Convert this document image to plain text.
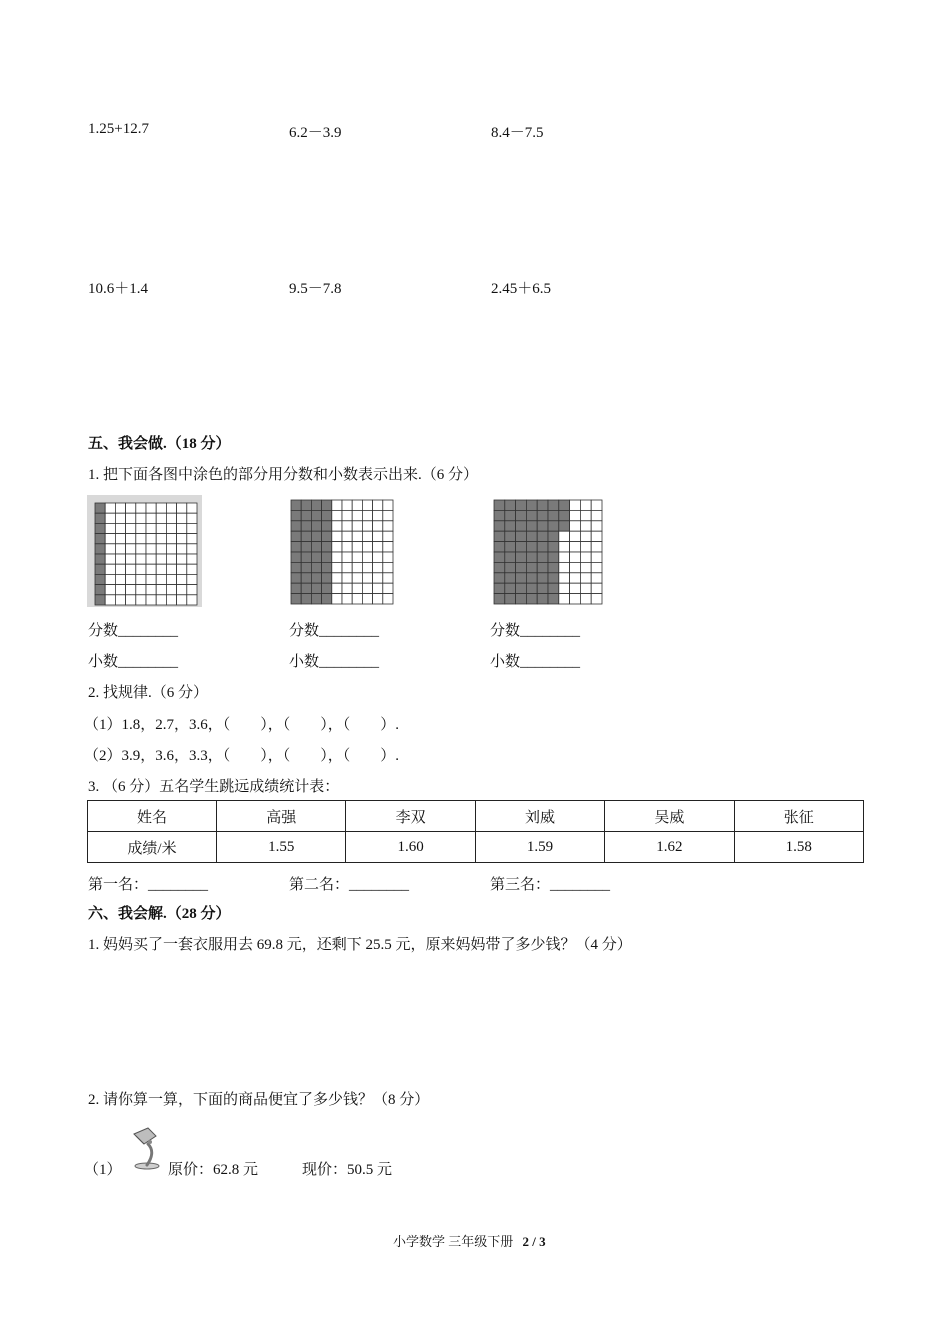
1.25+12.7	6.2－3.9	8.4－7.5
10.6＋1.4	9.5－7.8	2.45＋6.5
五、我会做.（18 分）
1. 把下面各图中涂色的部分用分数和小数表示出来.（6 分）
分数________	分数________	分数________
小数________	小数________	小数________
2. 找规律.（6 分）
（1）1.8，2.7，3.6，（　　），（　　），（　　）.
（2）3.9，3.6，3.3，（　　），（　　），（　　）.
3. （6 分）五名学生跳远成绩统计表：
姓名	高强	李双	刘威	吴威	张征
成绩/米	1.55	1.60	1.59	1.62	1.58
第一名：________	第二名：________	第三名：________
六、我会解.（28 分）
1. 妈妈买了一套衣服用去 69.8 元，还剩下 25.5 元，原来妈妈带了多少钱？（4 分）
2. 请你算一算，下面的商品便宜了多少钱？（8 分）
（1）	原价：62.8 元	现价：50.5 元
小学数学 三年级下册 2 / 3
